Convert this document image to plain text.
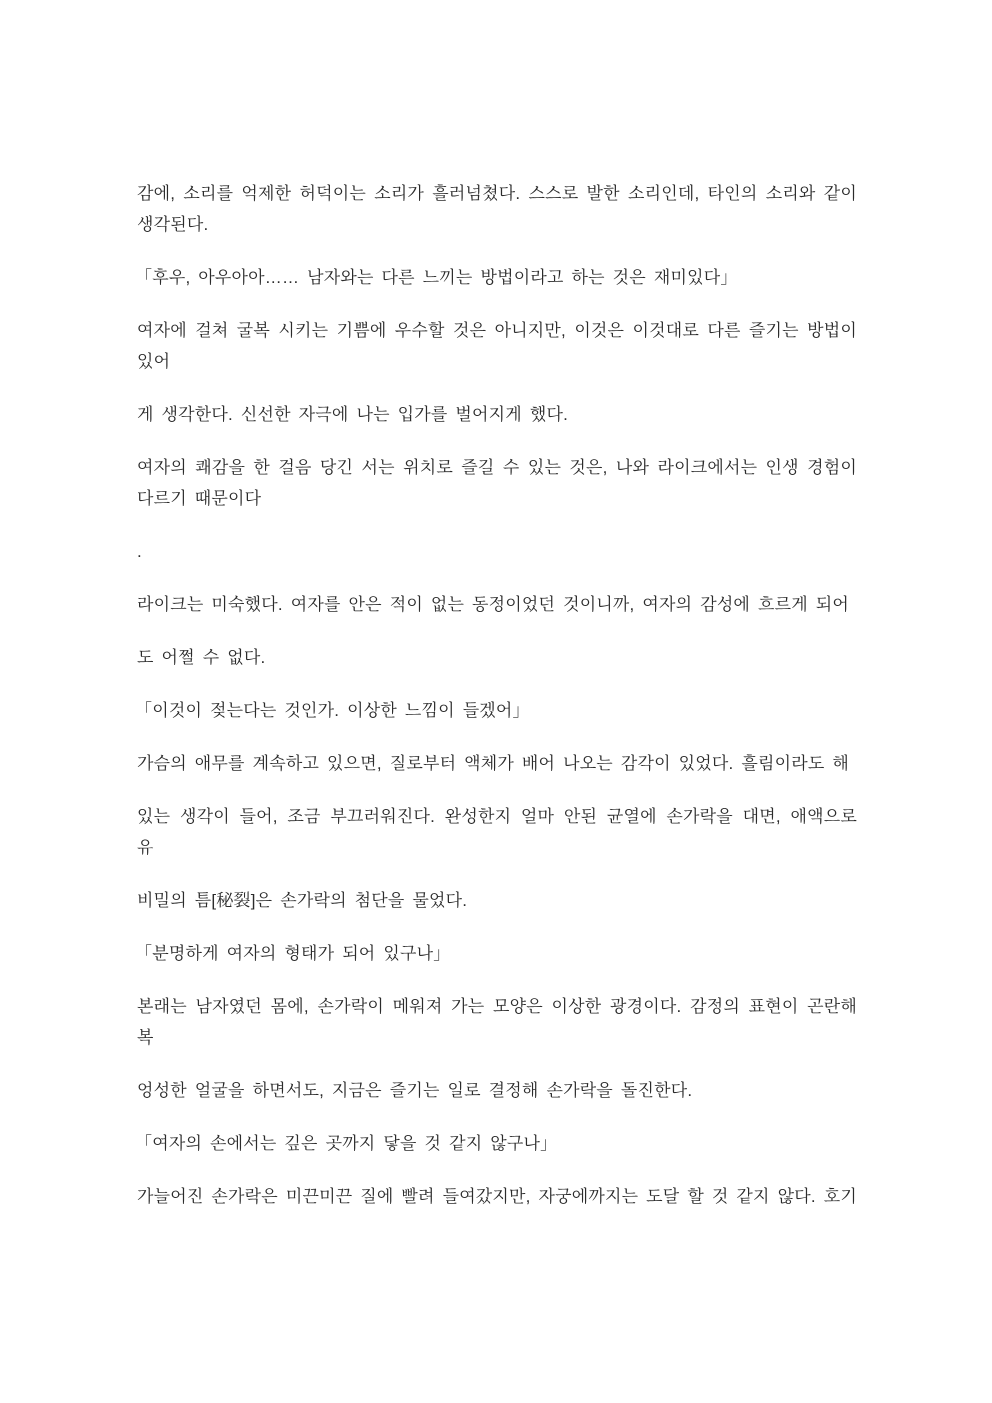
감에, 소리를 억제한 허덕이는 소리가 흘러넘쳤다. 스스로 발한 소리인데, 타인의 소리와 같이 생각된다.

「후우, 아우아아…… 남자와는 다른 느끼는 방법이라고 하는 것은 재미있다」

여자에 걸쳐 굴복 시키는 기쁨에 우수할 것은 아니지만, 이것은 이것대로 다른 즐기는 방법이 있어

게 생각한다. 신선한 자극에 나는 입가를 벌어지게 했다.

여자의 쾌감을 한 걸음 당긴 서는 위치로 즐길 수 있는 것은, 나와 라이크에서는 인생 경험이 다르기 때문이다

.

라이크는 미숙했다. 여자를 안은 적이 없는 동정이었던 것이니까, 여자의 감성에 흐르게 되어

도 어쩔 수 없다.

「이것이 젖는다는 것인가. 이상한 느낌이 들겠어」

가슴의 애무를 계속하고 있으면, 질로부터 액체가 배어 나오는 감각이 있었다. 흘림이라도 해

있는 생각이 들어, 조금 부끄러워진다. 완성한지 얼마 안된 균열에 손가락을 대면, 애액으로 유

비밀의 틈[秘裂]은 손가락의 첨단을 물었다.

「분명하게 여자의 형태가 되어 있구나」

본래는 남자였던 몸에, 손가락이 메워져 가는 모양은 이상한 광경이다. 감정의 표현이 곤란해 복

엉성한 얼굴을 하면서도, 지금은 즐기는 일로 결정해 손가락을 돌진한다.

「여자의 손에서는 깊은 곳까지 닿을 것 같지 않구나」

가늘어진 손가락은 미끈미끈 질에 빨려 들여갔지만, 자궁에까지는 도달 할 것 같지 않다. 호기
